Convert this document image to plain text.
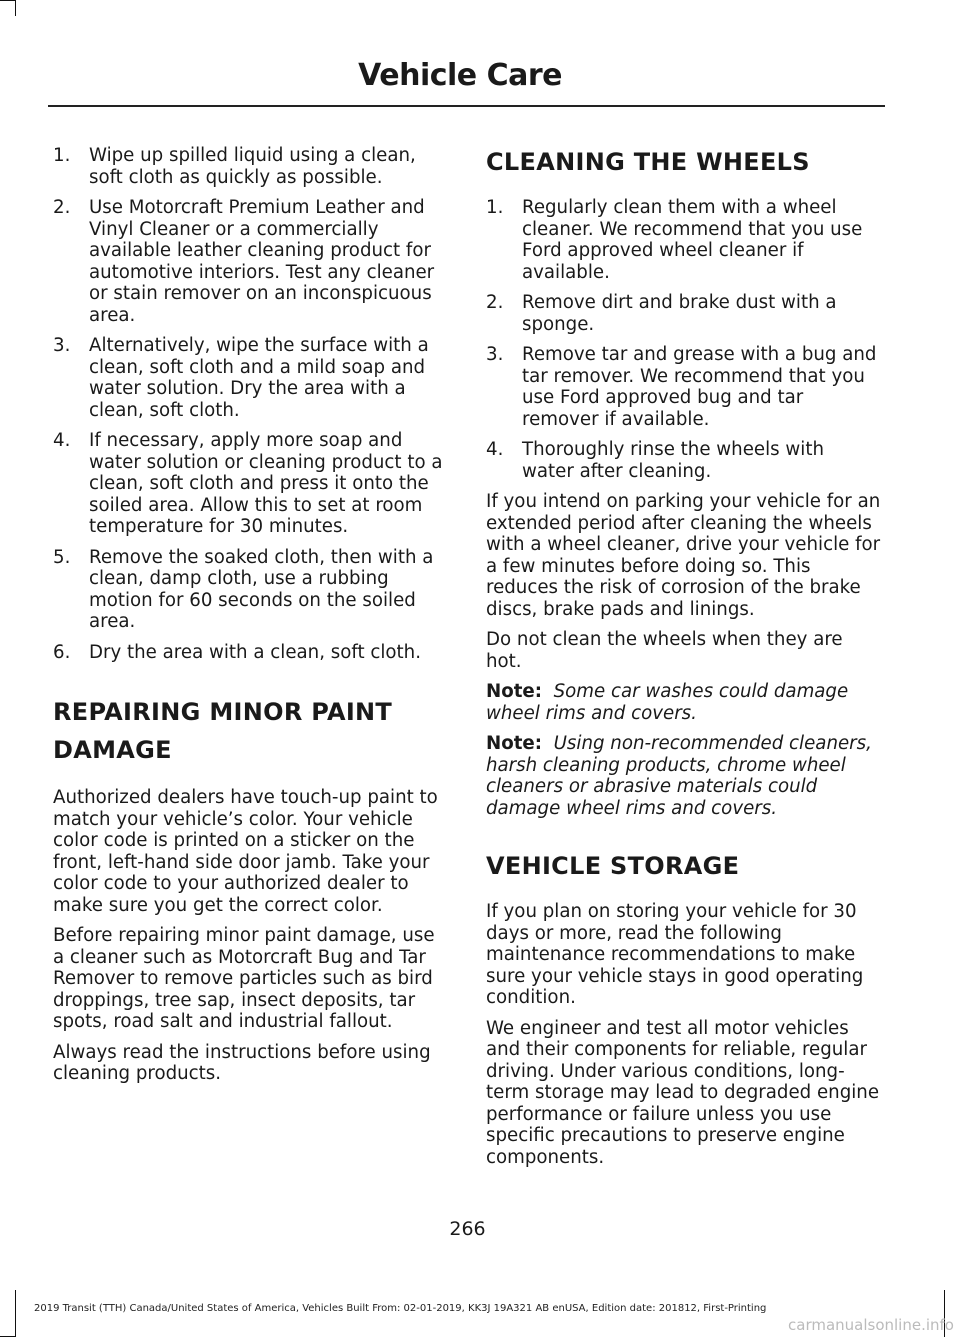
Vehicle Care
1. Wipe up spilled liquid using a clean, soft cloth as quickly as possible.
2. Use Motorcraft Premium Leather and Vinyl Cleaner or a commercially available leather cleaning product for automotive interiors. Test any cleaner or stain remover on an inconspicuous area.
3. Alternatively, wipe the surface with a clean, soft cloth and a mild soap and water solution. Dry the area with a clean, soft cloth.
4. If necessary, apply more soap and water solution or cleaning product to a clean, soft cloth and press it onto the soiled area. Allow this to set at room temperature for 30 minutes.
5. Remove the soaked cloth, then with a clean, damp cloth, use a rubbing motion for 60 seconds on the soiled area.
6. Dry the area with a clean, soft cloth.
REPAIRING MINOR PAINT DAMAGE

Authorized dealers have touch-up paint to match your vehicle’s color. Your vehicle color code is printed on a sticker on the front, left-hand side door jamb. Take your color code to your authorized dealer to make sure you get the correct color.

Before repairing minor paint damage, use a cleaner such as Motorcraft Bug and Tar Remover to remove particles such as bird droppings, tree sap, insect deposits, tar spots, road salt and industrial fallout.

Always read the instructions before using cleaning products.

CLEANING THE WHEELS
1. Regularly clean them with a wheel cleaner. We recommend that you use Ford approved wheel cleaner if available.
2. Remove dirt and brake dust with a sponge.
3. Remove tar and grease with a bug and tar remover. We recommend that you use Ford approved bug and tar remover if available.
4. Thoroughly rinse the wheels with water after cleaning.

If you intend on parking your vehicle for an extended period after cleaning the wheels with a wheel cleaner, drive your vehicle for a few minutes before doing so. This reduces the risk of corrosion of the brake discs, brake pads and linings.

Do not clean the wheels when they are hot.

Note: Some car washes could damage wheel rims and covers.

Note: Using non-recommended cleaners, harsh cleaning products, chrome wheel cleaners or abrasive materials could damage wheel rims and covers.

VEHICLE STORAGE

If you plan on storing your vehicle for 30 days or more, read the following maintenance recommendations to make sure your vehicle stays in good operating condition.

We engineer and test all motor vehicles and their components for reliable, regular driving. Under various conditions, long-term storage may lead to degraded engine performance or failure unless you use specific precautions to preserve engine components.

266
2019 Transit (TTH) Canada/United States of America, Vehicles Built From: 02-01-2019, KK3J 19A321 AB enUSA, Edition date: 201812, First-Printing
carmanualsonline.info
